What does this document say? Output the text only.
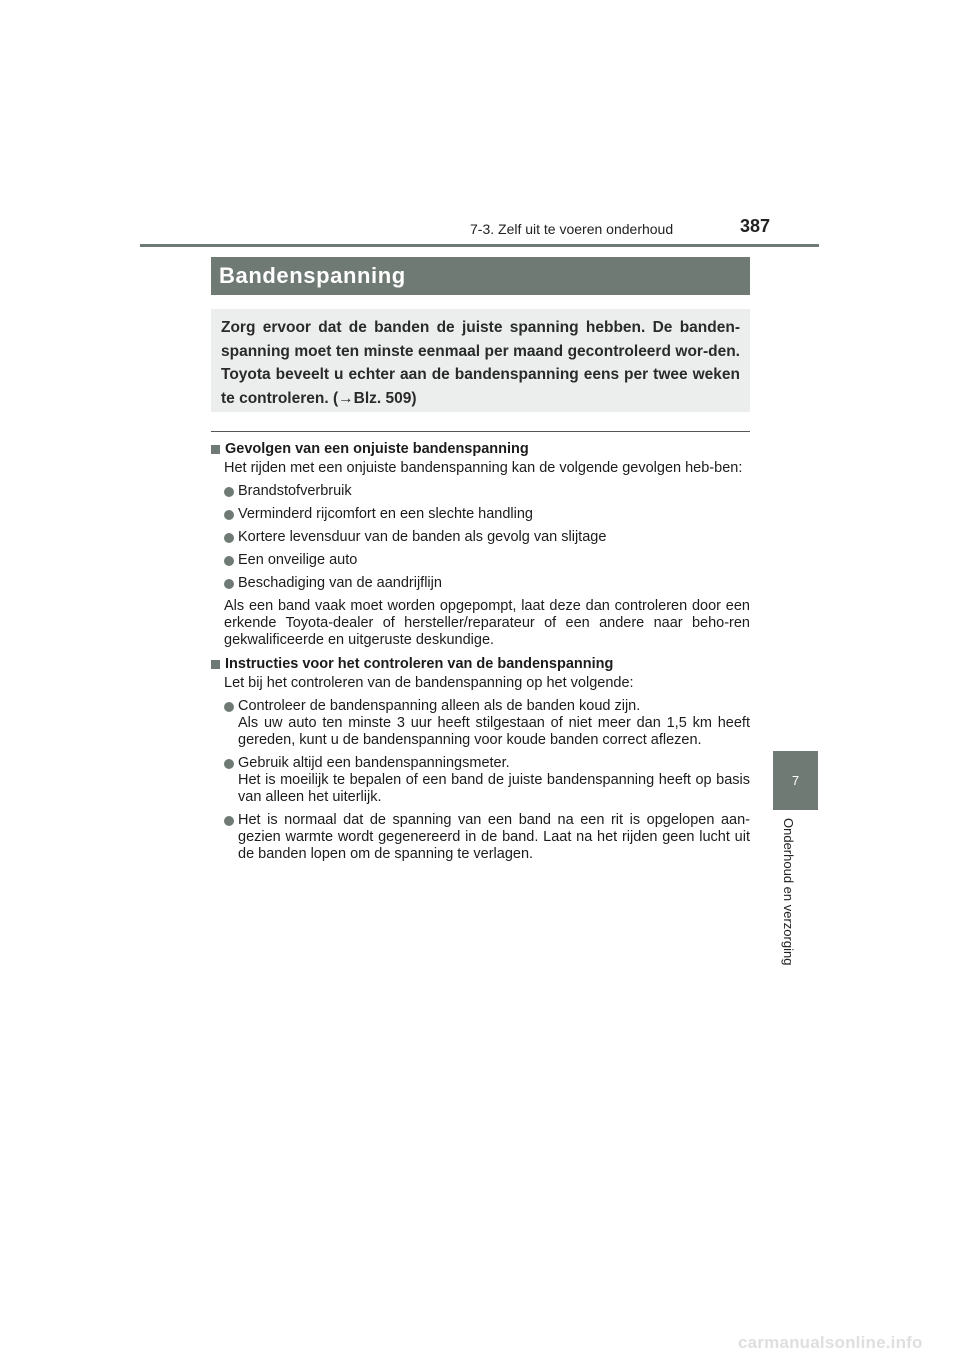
7-3. Zelf uit te voeren onderhoud	387
7
Onderhoud en verzorging
Bandenspanning
Zorg ervoor dat de banden de juiste spanning hebben. De banden-spanning moet ten minste eenmaal per maand gecontroleerd wor-den. Toyota beveelt u echter aan de bandenspanning eens per twee weken te controleren. (→Blz. 509)
Gevolgen van een onjuiste bandenspanning
Het rijden met een onjuiste bandenspanning kan de volgende gevolgen heb-ben:
Brandstofverbruik
Verminderd rijcomfort en een slechte handling
Kortere levensduur van de banden als gevolg van slijtage
Een onveilige auto
Beschadiging van de aandrijflijn
Als een band vaak moet worden opgepompt, laat deze dan controleren door een erkende Toyota-dealer of hersteller/reparateur of een andere naar beho-ren gekwalificeerde en uitgeruste deskundige.
Instructies voor het controleren van de bandenspanning
Let bij het controleren van de bandenspanning op het volgende:
Controleer de bandenspanning alleen als de banden koud zijn.
Als uw auto ten minste 3 uur heeft stilgestaan of niet meer dan 1,5 km heeft gereden, kunt u de bandenspanning voor koude banden correct aflezen.
Gebruik altijd een bandenspanningsmeter.
Het is moeilijk te bepalen of een band de juiste bandenspanning heeft op basis van alleen het uiterlijk.
Het is normaal dat de spanning van een band na een rit is opgelopen aan-gezien warmte wordt gegenereerd in de band. Laat na het rijden geen lucht uit de banden lopen om de spanning te verlagen.
carmanualsonline.info
